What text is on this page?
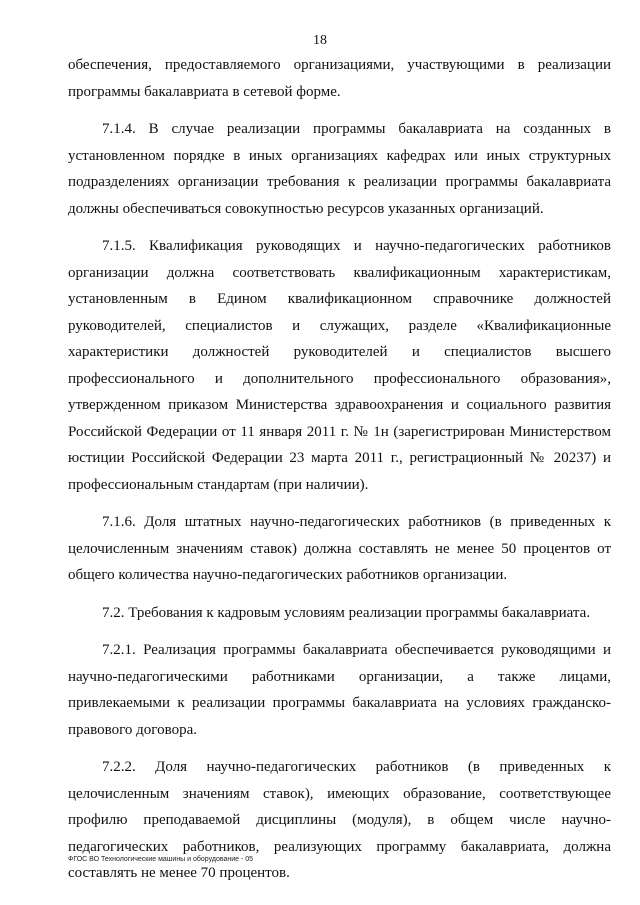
18

обеспечения, предоставляемого организациями, участвующими в реализации программы бакалавриата в сетевой форме.

7.1.4. В случае реализации программы бакалавриата на созданных в установленном порядке в иных организациях кафедрах или иных структурных подразделениях организации требования к реализации программы бакалавриата должны обеспечиваться совокупностью ресурсов указанных организаций.

7.1.5. Квалификация руководящих и научно-педагогических работников организации должна соответствовать квалификационным характеристикам, установленным в Едином квалификационном справочнике должностей руководителей, специалистов и служащих, разделе «Квалификационные характеристики должностей руководителей и специалистов высшего профессионального и дополнительного профессионального образования», утвержденном приказом Министерства здравоохранения и социального развития Российской Федерации от 11 января 2011 г. № 1н (зарегистрирован Министерством юстиции Российской Федерации 23 марта 2011 г., регистрационный № 20237) и профессиональным стандартам (при наличии).

7.1.6. Доля штатных научно-педагогических работников (в приведенных к целочисленным значениям ставок) должна составлять не менее 50 процентов от общего количества научно-педагогических работников организации.

7.2. Требования к кадровым условиям реализации программы бакалавриата.

7.2.1. Реализация программы бакалавриата обеспечивается руководящими и научно-педагогическими работниками организации, а также лицами, привлекаемыми к реализации программы бакалавриата на условиях гражданско-правового договора.

7.2.2. Доля научно-педагогических работников (в приведенных к целочисленным значениям ставок), имеющих образование, соответствующее профилю преподаваемой дисциплины (модуля), в общем числе научно-педагогических работников, реализующих программу бакалавриата, должна составлять не менее 70 процентов.

ФГОС ВО Технологические машины и оборудование - 05
